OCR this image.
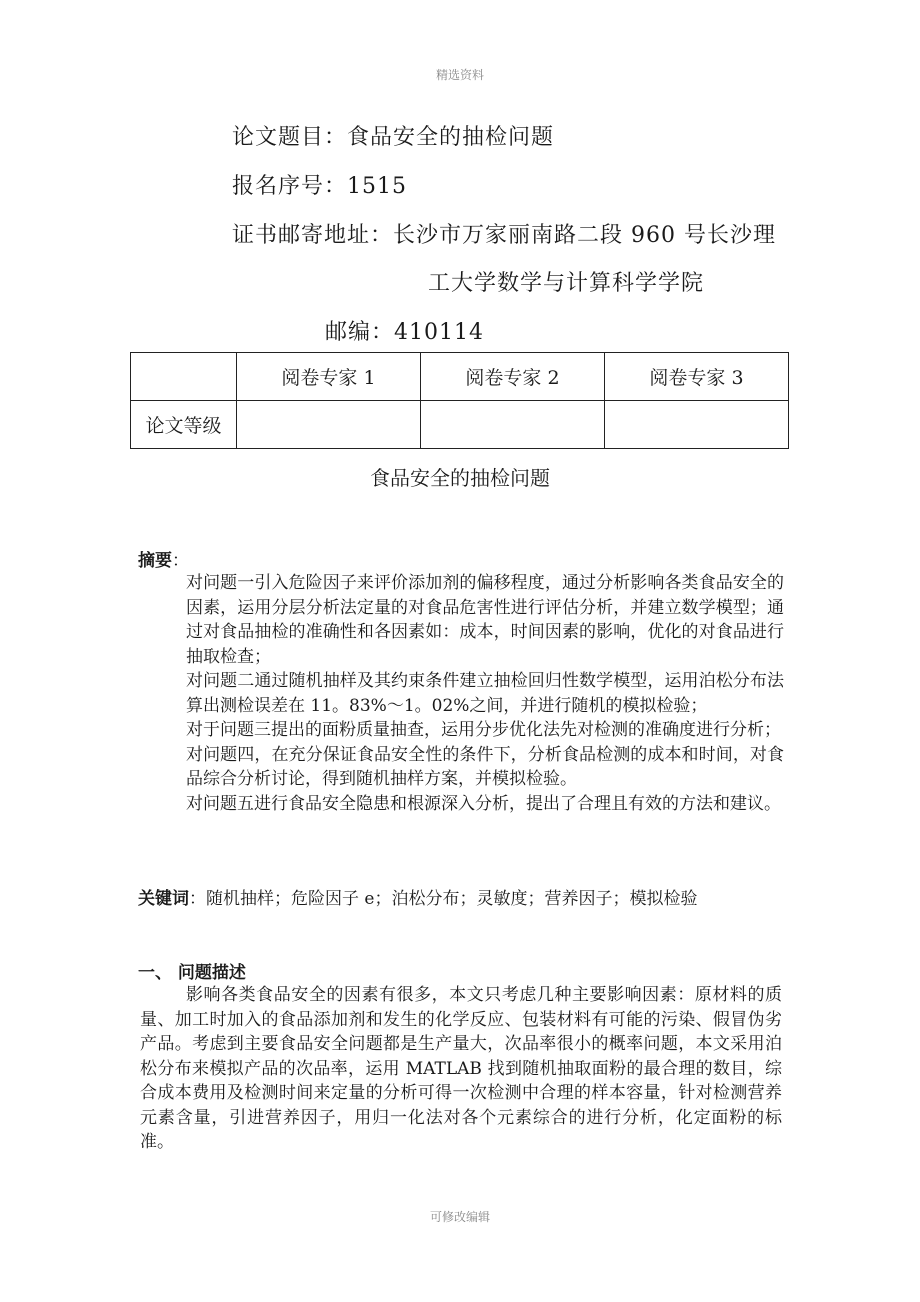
精选资料
论文题目：食品安全的抽检问题
报名序号：1515
证书邮寄地址：长沙市万家丽南路二段 960 号长沙理
工大学数学与计算科学学院
邮编：410114
	阅卷专家 1	阅卷专家 2	阅卷专家 3
论文等级			
食品安全的抽检问题
摘要：

对问题一引入危险因子来评价添加剂的偏移程度，通过分析影响各类食品安全的因素，运用分层分析法定量的对食品危害性进行评估分析，并建立数学模型；通过对食品抽检的准确性和各因素如：成本，时间因素的影响，优化的对食品进行抽取检查；

对问题二通过随机抽样及其约束条件建立抽检回归性数学模型，运用泊松分布法算出测检误差在 11。83%～1。02%之间，并进行随机的模拟检验；

对于问题三提出的面粉质量抽查，运用分步优化法先对检测的准确度进行分析；

对问题四，在充分保证食品安全性的条件下，分析食品检测的成本和时间，对食品综合分析讨论，得到随机抽样方案，并模拟检验。

对问题五进行食品安全隐患和根源深入分析，提出了合理且有效的方法和建议。

关键词：随机抽样；危险因子 e；泊松分布；灵敏度；营养因子；模拟检验
一、 问题描述

影响各类食品安全的因素有很多，本文只考虑几种主要影响因素：原材料的质量、加工时加入的食品添加剂和发生的化学反应、包装材料有可能的污染、假冒伪劣产品。考虑到主要食品安全问题都是生产量大，次品率很小的概率问题，本文采用泊松分布来模拟产品的次品率，运用 MATLAB 找到随机抽取面粉的最合理的数目，综合成本费用及检测时间来定量的分析可得一次检测中合理的样本容量，针对检测营养元素含量，引进营养因子，用归一化法对各个元素综合的进行分析，化定面粉的标准。

可修改编辑
